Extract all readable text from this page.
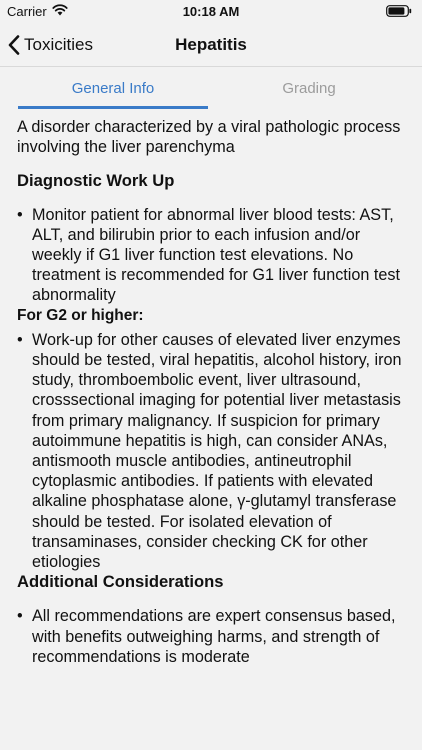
Carrier	10:18 AM
Toxicities	Hepatitis
General Info	Grading

A disorder characterized by a viral pathologic process involving the liver parenchyma

Diagnostic Work Up
• Monitor patient for abnormal liver blood tests: AST, ALT, and bilirubin prior to each infusion and/or weekly if G1 liver function test elevations. No treatment is recommended for G1 liver function test abnormality
For G2 or higher:
• Work-up for other causes of elevated liver enzymes should be tested, viral hepatitis, alcohol history, iron study, thromboembolic event, liver ultrasound, crosssectional imaging for potential liver metastasis from primary malignancy. If suspicion for primary autoimmune hepatitis is high, can consider ANAs, antismooth muscle antibodies, antineutrophil cytoplasmic antibodies. If patients with elevated alkaline phosphatase alone, γ-glutamyl transferase should be tested. For isolated elevation of transaminases, consider checking CK for other etiologies
Additional Considerations
• All recommendations are expert consensus based, with benefits outweighing harms, and strength of recommendations is moderate
